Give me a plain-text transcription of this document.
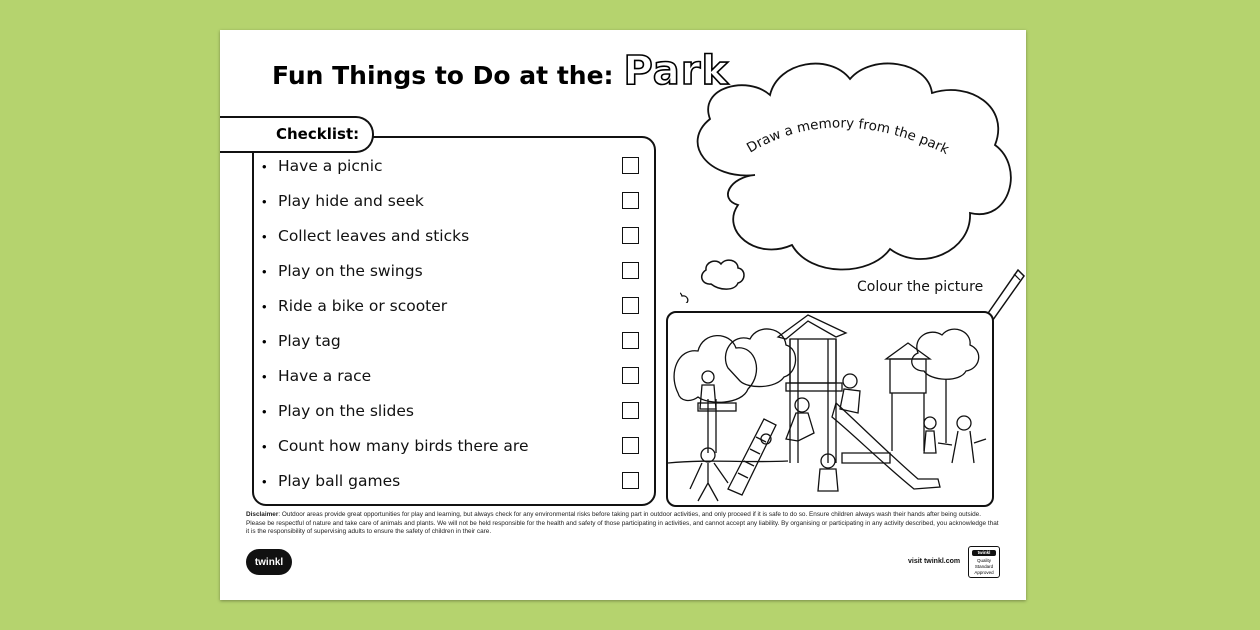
Fun Things to Do at the: Park
• Have a picnic
• Play hide and seek
• Collect leaves and sticks
• Play on the swings
• Ride a bike or scooter
• Play tag
• Have a race
• Play on the slides
• Count how many birds there are
• Play ball games
Checklist:
Draw a memory from the park
Colour the picture
Disclaimer: Outdoor areas provide great opportunities for play and learning, but always check for any environmental risks before taking part in outdoor activities, and only proceed if it is safe to do so. Ensure children always wash their hands after being outside. Please be respectful of nature and take care of animals and plants. We will not be held responsible for the health and safety of those participating in activities, and cannot accept any liability. By organising or participating in any activity described, you acknowledge that it is the responsibility of supervising adults to ensure the safety of children in their care.
twinkl	visit twinkl.com
twinkl
Quality Standard Approved
